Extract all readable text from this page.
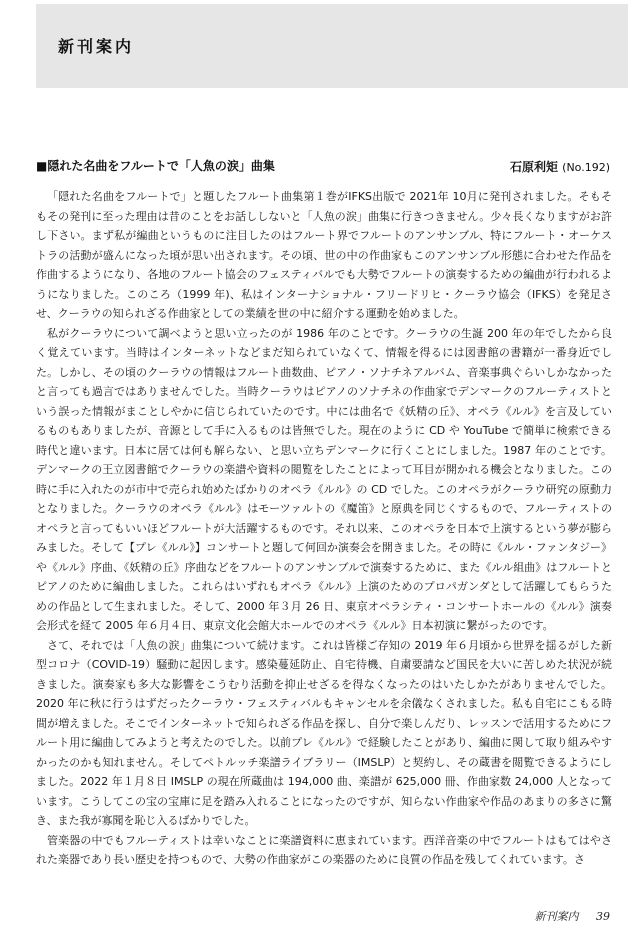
新刊案内
■隠れた名曲をフルートで「人魚の涙」曲集	石原利矩 (No.192)

「隠れた名曲をフルートで」と題したフルート曲集第１巻がIFKS出版で 2021年 10月に発刊されました。そもそもその発刊に至った理由は昔のことをお話ししないと「人魚の涙」曲集に行きつきません。少々長くなりますがお許し下さい。まず私が編曲というものに注目したのはフルート界でフルートのアンサンブル、特にフルート・オーケストラの活動が盛んになった頃が思い出されます。その頃、世の中の作曲家もこのアンサンブル形態に合わせた作品を作曲するようになり、各地のフルート協会のフェスティバルでも大勢でフルートの演奏するための編曲が行われるようになりました。このころ（1999 年)、私はインターナショナル・フリードリヒ・クーラウ協会（IFKS）を発足させ、クーラウの知られざる作曲家としての業績を世の中に紹介する運動を始めました。

私がクーラウについて調べようと思い立ったのが 1986 年のことです。クーラウの生誕 200 年の年でしたから良く覚えています。当時はインターネットなどまだ知られていなくて、情報を得るには図書館の書籍が一番身近でした。しかし、その頃のクーラウの情報はフルート曲数曲、ピアノ・ソナチネアルバム、音楽事典ぐらいしかなかったと言っても過言ではありませんでした。当時クーラウはピアノのソナチネの作曲家でデンマークのフルーティストという誤った情報がまことしやかに信じられていたのです。中には曲名で《妖精の丘》、オペラ《ルル》を言及しているものもありましたが、音源として手に入るものは皆無でした。現在のように CD や YouTube で簡単に検索できる時代と違います。日本に居ては何も解らない、と思い立ちデンマークに行くことにしました。1987 年のことです。デンマークの王立図書館でクーラウの楽譜や資料の閲覧をしたことによって耳目が開かれる機会となりました。この時に手に入れたのが市中で売られ始めたばかりのオペラ《ルル》の CD でした。このオペラがクーラウ研究の原動力となりました。クーラウのオペラ《ルル》はモーツァルトの《魔笛》と原典を同じくするもので、フルーティストのオペラと言ってもいいほどフルートが大活躍するものです。それ以来、このオペラを日本で上演するという夢が膨らみました。そして【プレ《ルル》】コンサートと題して何回か演奏会を開きました。その時に《ルル・ファンタジー》や《ルル》序曲、《妖精の丘》序曲などをフルートのアンサンブルで演奏するために、また《ルル組曲》はフルートとピアノのために編曲しました。これらはいずれもオペラ《ルル》上演のためのプロパガンダとして活躍してもらうための作品として生まれました。そして、2000 年３月 26 日、東京オペラシティ・コンサートホールの《ルル》演奏会形式を経て 2005 年６月４日、東京文化会館大ホールでのオペラ《ルル》日本初演に繋がったのです。

さて、それでは「人魚の涙」曲集について続けます。これは皆様ご存知の 2019 年６月頃から世界を揺るがした新型コロナ（COVID-19）騒動に起因します。感染蔓延防止、自宅待機、自粛要請など国民を大いに苦しめた状況が続きました。演奏家も多大な影響をこうむり活動を抑止せざるを得なくなったのはいたしかたがありませんでした。2020 年に秋に行うはずだったクーラウ・フェスティバルもキャンセルを余儀なくされました。私も自宅にこもる時間が増えました。そこでインターネットで知られざる作品を探し、自分で楽しんだり、レッスンで活用するためにフルート用に編曲してみようと考えたのでした。以前プレ《ルル》で経験したことがあり、編曲に関して取り組みやすかったのかも知れません。そしてペトルッチ楽譜ライブラリー（IMSLP）と契約し、その蔵書を閲覧できるようにしました。2022 年１月８日 IMSLP の現在所蔵曲は 194,000 曲、楽譜が 625,000 冊、作曲家数 24,000 人となっています。こうしてこの宝の宝庫に足を踏み入れることになったのですが、知らない作曲家や作品のあまりの多さに驚き、また我が寡聞を恥じ入るばかりでした。

管楽器の中でもフルーティストは幸いなことに楽譜資料に恵まれています。西洋音楽の中でフルートはもてはやされた楽器であり長い歴史を持つもので、大勢の作曲家がこの楽器のために良質の作品を残してくれています。さ

新刊案内 39
